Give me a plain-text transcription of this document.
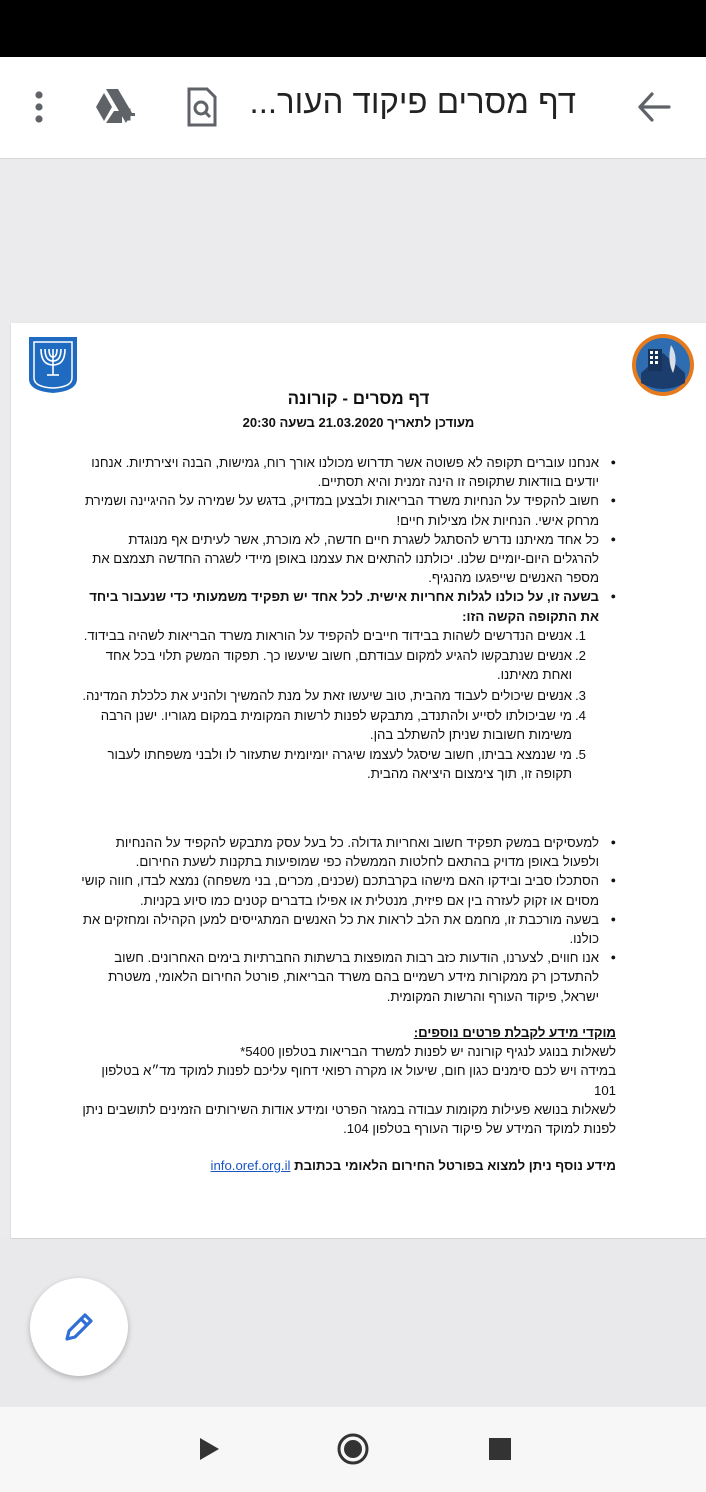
דף מסרים פיקוד העור...
דף מסרים - קורונה
מעודכן לתאריך 21.03.2020 בשעה 20:30

● אנחנו עוברים תקופה לא פשוטה אשר תדרוש מכולנו אורך רוח, גמישות, הבנה ויצירתיות. אנחנו יודעים בוודאות שתקופה זו הינה זמנית והיא תסתיים.

● חשוב להקפיד על הנחיות משרד הבריאות ולבצען במדויק, בדגש על שמירה על ההיגיינה ושמירת מרחק אישי. הנחיות אלו מצילות חיים!

● כל אחד מאיתנו נדרש להסתגל לשגרת חיים חדשה, לא מוכרת, אשר לעיתים אף מנוגדת להרגלים היום-יומיים שלנו. יכולתנו להתאים את עצמנו באופן מיידי לשגרה החדשה תצמצם את מספר האנשים שייפגעו מהנגיף.

● בשעה זו, על כולנו לגלות אחריות אישית. לכל אחד יש תפקיד משמעותי כדי שנעבור ביחד את התקופה הקשה הזו:

1.
אנשים הנדרשים לשהות בבידוד חייבים להקפיד על הוראות משרד הבריאות לשהיה בבידוד.
2.
אנשים שנתבקשו להגיע למקום עבודתם, חשוב שיעשו כך. תפקוד המשק תלוי בכל אחד ואחת מאיתנו.
3.
אנשים שיכולים לעבוד מהבית, טוב שיעשו זאת על מנת להמשיך ולהניע את כלכלת המדינה.
4.
מי שביכולתו לסייע ולהתנדב, מתבקש לפנות לרשות המקומית במקום מגוריו. ישנן הרבה משימות חשובות שניתן להשתלב בהן.
5.
מי שנמצא בביתו, חשוב שיסגל לעצמו שיגרה יומיומית שתעזור לו ולבני משפחתו לעבור תקופה זו, תוך צימצום היציאה מהבית.

● למעסיקים במשק תפקיד חשוב ואחריות גדולה. כל בעל עסק מתבקש להקפיד על ההנחיות ולפעול באופן מדויק בהתאם לחלטות הממשלה כפי שמופיעות בתקנות לשעת החירום.

● הסתכלו סביב ובידקו האם מישהו בקרבתכם (שכנים, מכרים, בני משפחה) נמצא לבדו, חווה קושי מסוים או זקוק לעזרה בין אם פיזית, מנטלית או אפילו בדברים קטנים כמו סיוע בקניות.

● בשעה מורכבת זו, מחמם את הלב לראות את כל האנשים המתגייסים למען הקהילה ומחזקים את כולנו.

● אנו חווים, לצערנו, הודעות כזב רבות המופצות ברשתות החברתיות בימים האחרונים. חשוב להתעדכן רק ממקורות מידע רשמיים בהם משרד הבריאות, פורטל החירום הלאומי, משטרת ישראל, פיקוד העורף והרשות המקומית.

מוקדי מידע לקבלת פרטים נוספים:
לשאלות בנוגע לנגיף קורונה יש לפנות למשרד הבריאות בטלפון 5400*
במידה ויש לכם סימנים כגון חום, שיעול או מקרה רפואי דחוף עליכם לפנות למוקד מד״א בטלפון 101
לשאלות בנושא פעילות מקומות עבודה במגזר הפרטי ומידע אודות השירותים הזמינים לתושבים ניתן לפנות למוקד המידע של פיקוד העורף בטלפון 104.
מידע נוסף ניתן למצוא בפורטל החירום הלאומי בכתובת info.oref.org.il
